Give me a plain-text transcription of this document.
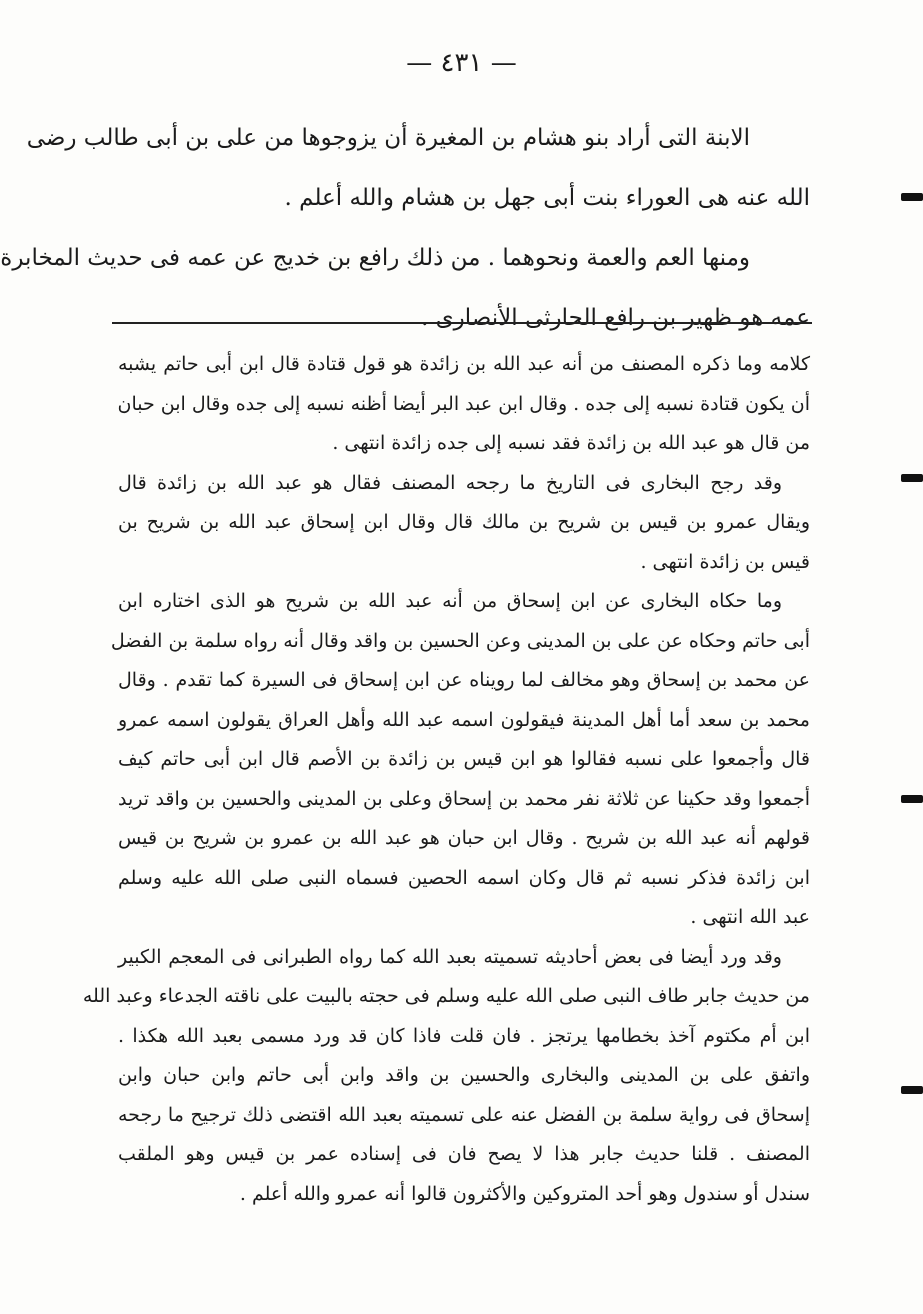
— ٤٣١ —
الابنة التى أراد بنو هشام بن المغيرة أن يزوجوها من على بن أبى طالب رضى
الله عنه هى العوراء بنت أبى جهل بن هشام والله أعلم .
ومنها العم والعمة ونحوهما . من ذلك رافع بن خديج عن عمه فى حديث المخابرة
عمه هو ظهير بن رافع الحارثى الأنصارى .
كلامه وما ذكره المصنف من أنه عبد الله بن زائدة هو قول قتادة قال ابن أبى حاتم يشبه
أن يكون قتادة نسبه إلى جده . وقال ابن عبد البر أيضا أظنه نسبه إلى جده وقال ابن حبان
من قال هو عبد الله بن زائدة فقد نسبه إلى جده زائدة انتهى .
وقد رجح البخارى فى التاريخ ما رجحه المصنف فقال هو عبد الله بن زائدة قال
ويقال عمرو بن قيس بن شريح بن مالك قال وقال ابن إسحاق عبد الله بن شريح بن
قيس بن زائدة انتهى .
وما حكاه البخارى عن ابن إسحاق من أنه عبد الله بن شريح هو الذى اختاره ابن
أبى حاتم وحكاه عن على بن المدينى وعن الحسين بن واقد وقال أنه رواه سلمة بن الفضل
عن محمد بن إسحاق وهو مخالف لما رويناه عن ابن إسحاق فى السيرة كما تقدم . وقال
محمد بن سعد أما أهل المدينة فيقولون اسمه عبد الله وأهل العراق يقولون اسمه عمرو
قال وأجمعوا على نسبه فقالوا هو ابن قيس بن زائدة بن الأصم قال ابن أبى حاتم كيف
أجمعوا وقد حكينا عن ثلاثة نفر محمد بن إسحاق وعلى بن المدينى والحسين بن واقد تريد
قولهم أنه عبد الله بن شريح . وقال ابن حبان هو عبد الله بن عمرو بن شريح بن قيس
ابن زائدة فذكر نسبه ثم قال وكان اسمه الحصين فسماه النبى صلى الله عليه وسلم
عبد الله انتهى .
وقد ورد أيضا فى بعض أحاديثه تسميته بعبد الله كما رواه الطبرانى فى المعجم الكبير
من حديث جابر طاف النبى صلى الله عليه وسلم فى حجته بالبيت على ناقته الجدعاء وعبد الله
ابن أم مكتوم آخذ بخطامها يرتجز . فان قلت فاذا كان قد ورد مسمى بعبد الله هكذا .
واتفق على بن المدينى والبخارى والحسين بن واقد وابن أبى حاتم وابن حبان وابن
إسحاق فى رواية سلمة بن الفضل عنه على تسميته بعبد الله اقتضى ذلك ترجيح ما رجحه
المصنف . قلنا حديث جابر هذا لا يصح فان فى إسناده عمر بن قيس وهو الملقب
سندل أو سندول وهو أحد المتروكين والأكثرون قالوا أنه عمرو والله أعلم .
